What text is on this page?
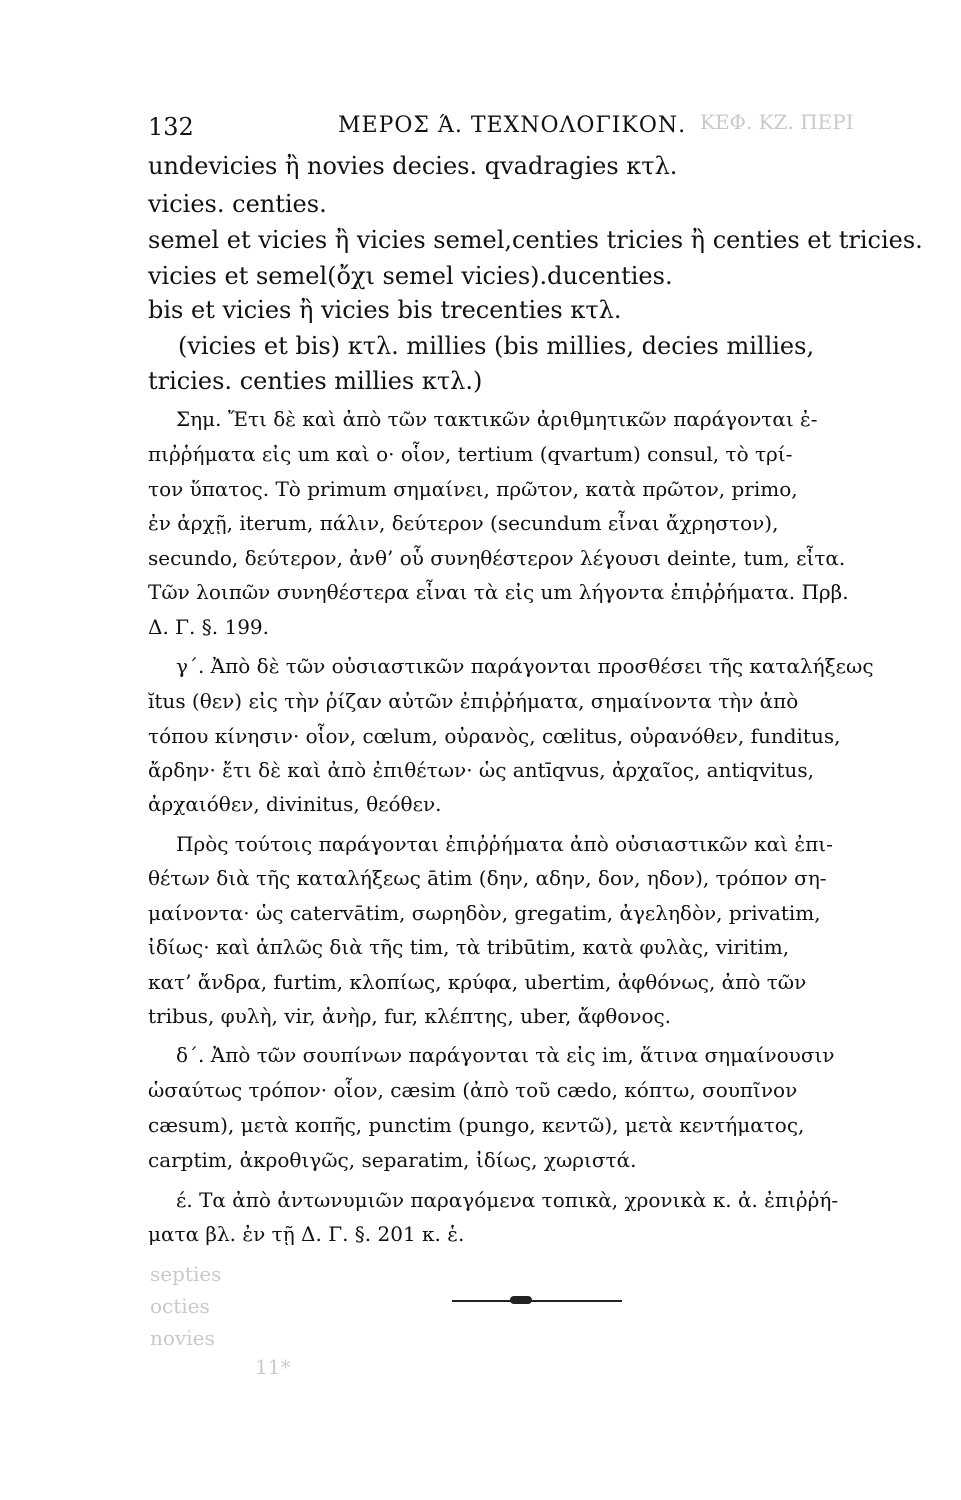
132	ΜΕΡΟΣ Ά. ΤΕΧΝΟΛΟΓΙΚΟΝ. ΚΕΦ. ΚΖ. ΠΕΡΙ
septies
octies
novies
11*
undevicies ἢ novies decies. qvadragies κτλ.
vicies. centies.
semel et vicies ἢ vicies semel,centies tricies ἢ centies et tricies.
vicies et semel(ὄχι semel vicies).ducenties.
bis et vicies ἢ vicies bis trecenties κτλ.
(vicies et bis) κτλ. millies (bis millies, decies millies,
tricies. centies millies κτλ.)
Σημ. Ἔτι δὲ καὶ ἀπὸ τῶν τακτικῶν ἀριθμητικῶν παράγονται ἐ-
πιῤῥήματα εἰς um καὶ o· οἷον, tertium (qvartum) consul, τὸ τρί-
τον ὕπατος. Τὸ primum σημαίνει, πρῶτον, κατὰ πρῶτον, primo,
ἐν ἀρχῇ, iterum, πάλιν, δεύτερον (secundum εἶναι ἄχρηστον),
secundo, δεύτερον, ἀνθ’ οὗ συνηθέστερον λέγουσι deinte, tum, εἶτα.
Τῶν λοιπῶν συνηθέστερα εἶναι τὰ εἰς um λήγοντα ἐπιῤῥήματα. Πρβ.
Δ. Γ. §. 199.
γ΄. Ἀπὸ δὲ τῶν οὐσιαστικῶν παράγονται προσθέσει τῆς καταλήξεως
ĭtus (θεν) εἰς τὴν ῥίζαν αὐτῶν ἐπιῤῥήματα, σημαίνοντα τὴν ἀπὸ
τόπου κίνησιν· οἷον, cœlum, οὐρανὸς, cœlitus, οὐρανόθεν, funditus,
ἄρδην· ἔτι δὲ καὶ ἀπὸ ἐπιθέτων· ὡς antīqvus, ἀρχαῖος, antiqvitus,
ἀρχαιόθεν, divinitus, θεόθεν.
Πρὸς τούτοις παράγονται ἐπιῤῥήματα ἀπὸ οὐσιαστικῶν καὶ ἐπι-
θέτων διὰ τῆς καταλήξεως ātim (δην, αδην, δον, ηδον), τρόπον ση-
μαίνοντα· ὡς catervātim, σωρηδὸν, gregatim, ἀγεληδὸν, privatim,
ἰδίως· καὶ ἁπλῶς διὰ τῆς tim, τὰ tribūtim, κατὰ φυλὰς, viritim,
κατ’ ἄνδρα, furtim, κλοπίως, κρύφα, ubertim, ἀφθόνως, ἀπὸ τῶν
tribus, φυλὴ, vir, ἀνὴρ, fur, κλέπτης, uber, ἄφθονος.
δ΄. Ἀπὸ τῶν σουπίνων παράγονται τὰ εἰς im, ἅτινα σημαίνουσιν
ὡσαύτως τρόπον· οἷον, cæsim (ἀπὸ τοῦ cædo, κόπτω, σουπῖνον
cæsum), μετὰ κοπῆς, punctim (pungo, κεντῶ), μετὰ κεντήματος,
carptim, ἀκροθιγῶς, separatim, ἰδίως, χωριστά.
έ. Τα ἀπὸ ἀντωνυμιῶν παραγόμενα τοπικὰ, χρονικὰ κ. ἀ. ἐπιῤῥή-
ματα βλ. ἐν τῇ Δ. Γ. §. 201 κ. ἑ.
